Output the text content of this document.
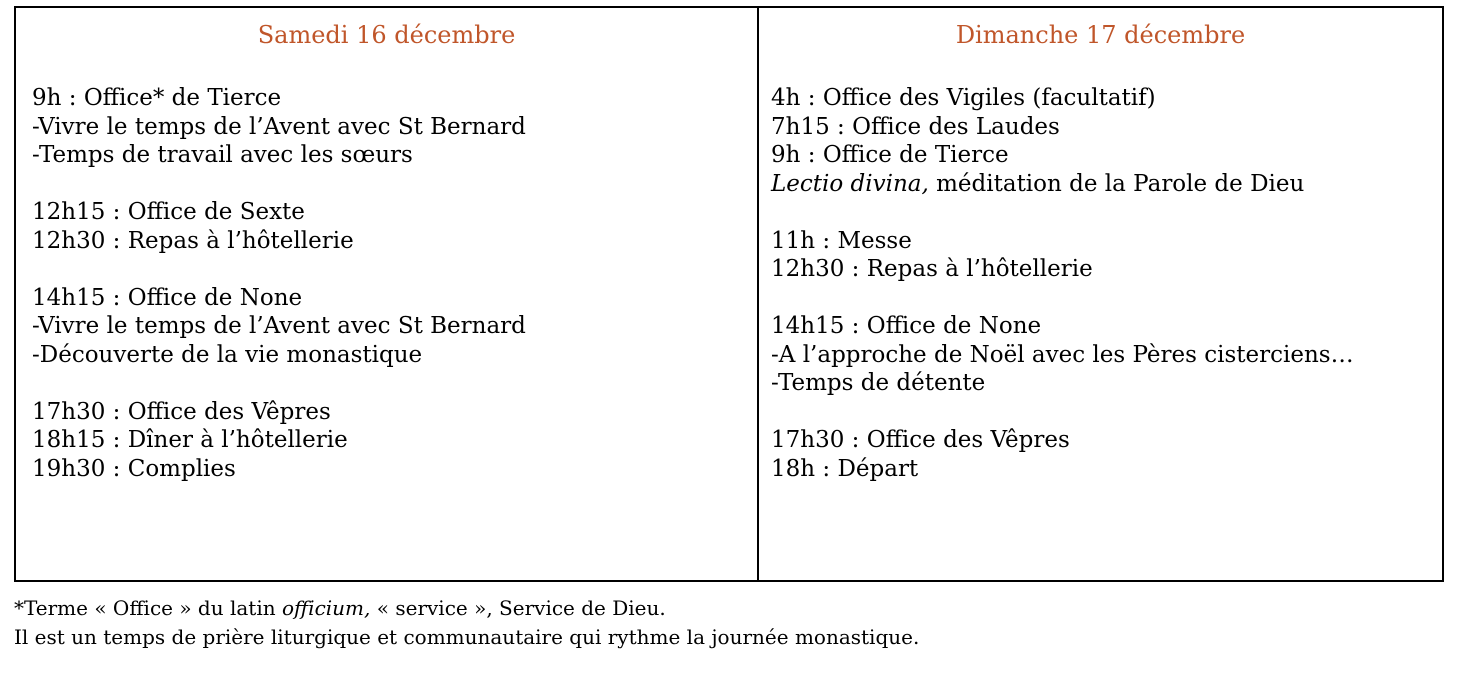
Samedi 16 décembre
9h : Office* de Tierce
-Vivre le temps de l’Avent avec St Bernard
-Temps de travail avec les sœurs
12h15 : Office de Sexte
12h30 : Repas à l’hôtellerie
14h15 : Office de None
-Vivre le temps de l’Avent avec St Bernard
-Découverte de la vie monastique
17h30 : Office des Vêpres
18h15 : Dîner à l’hôtellerie
19h30 : Complies
Dimanche 17 décembre
4h : Office des Vigiles (facultatif)
7h15 : Office des Laudes
9h : Office de Tierce
Lectio divina, méditation de la Parole de Dieu
11h : Messe
12h30 : Repas à l’hôtellerie
14h15 : Office de None
-A l’approche de Noël avec les Pères cisterciens…
-Temps de détente
17h30 : Office des Vêpres
18h : Départ
*Terme « Office » du latin officium, « service », Service de Dieu.
Il est un temps de prière liturgique et communautaire qui rythme la journée monastique.
